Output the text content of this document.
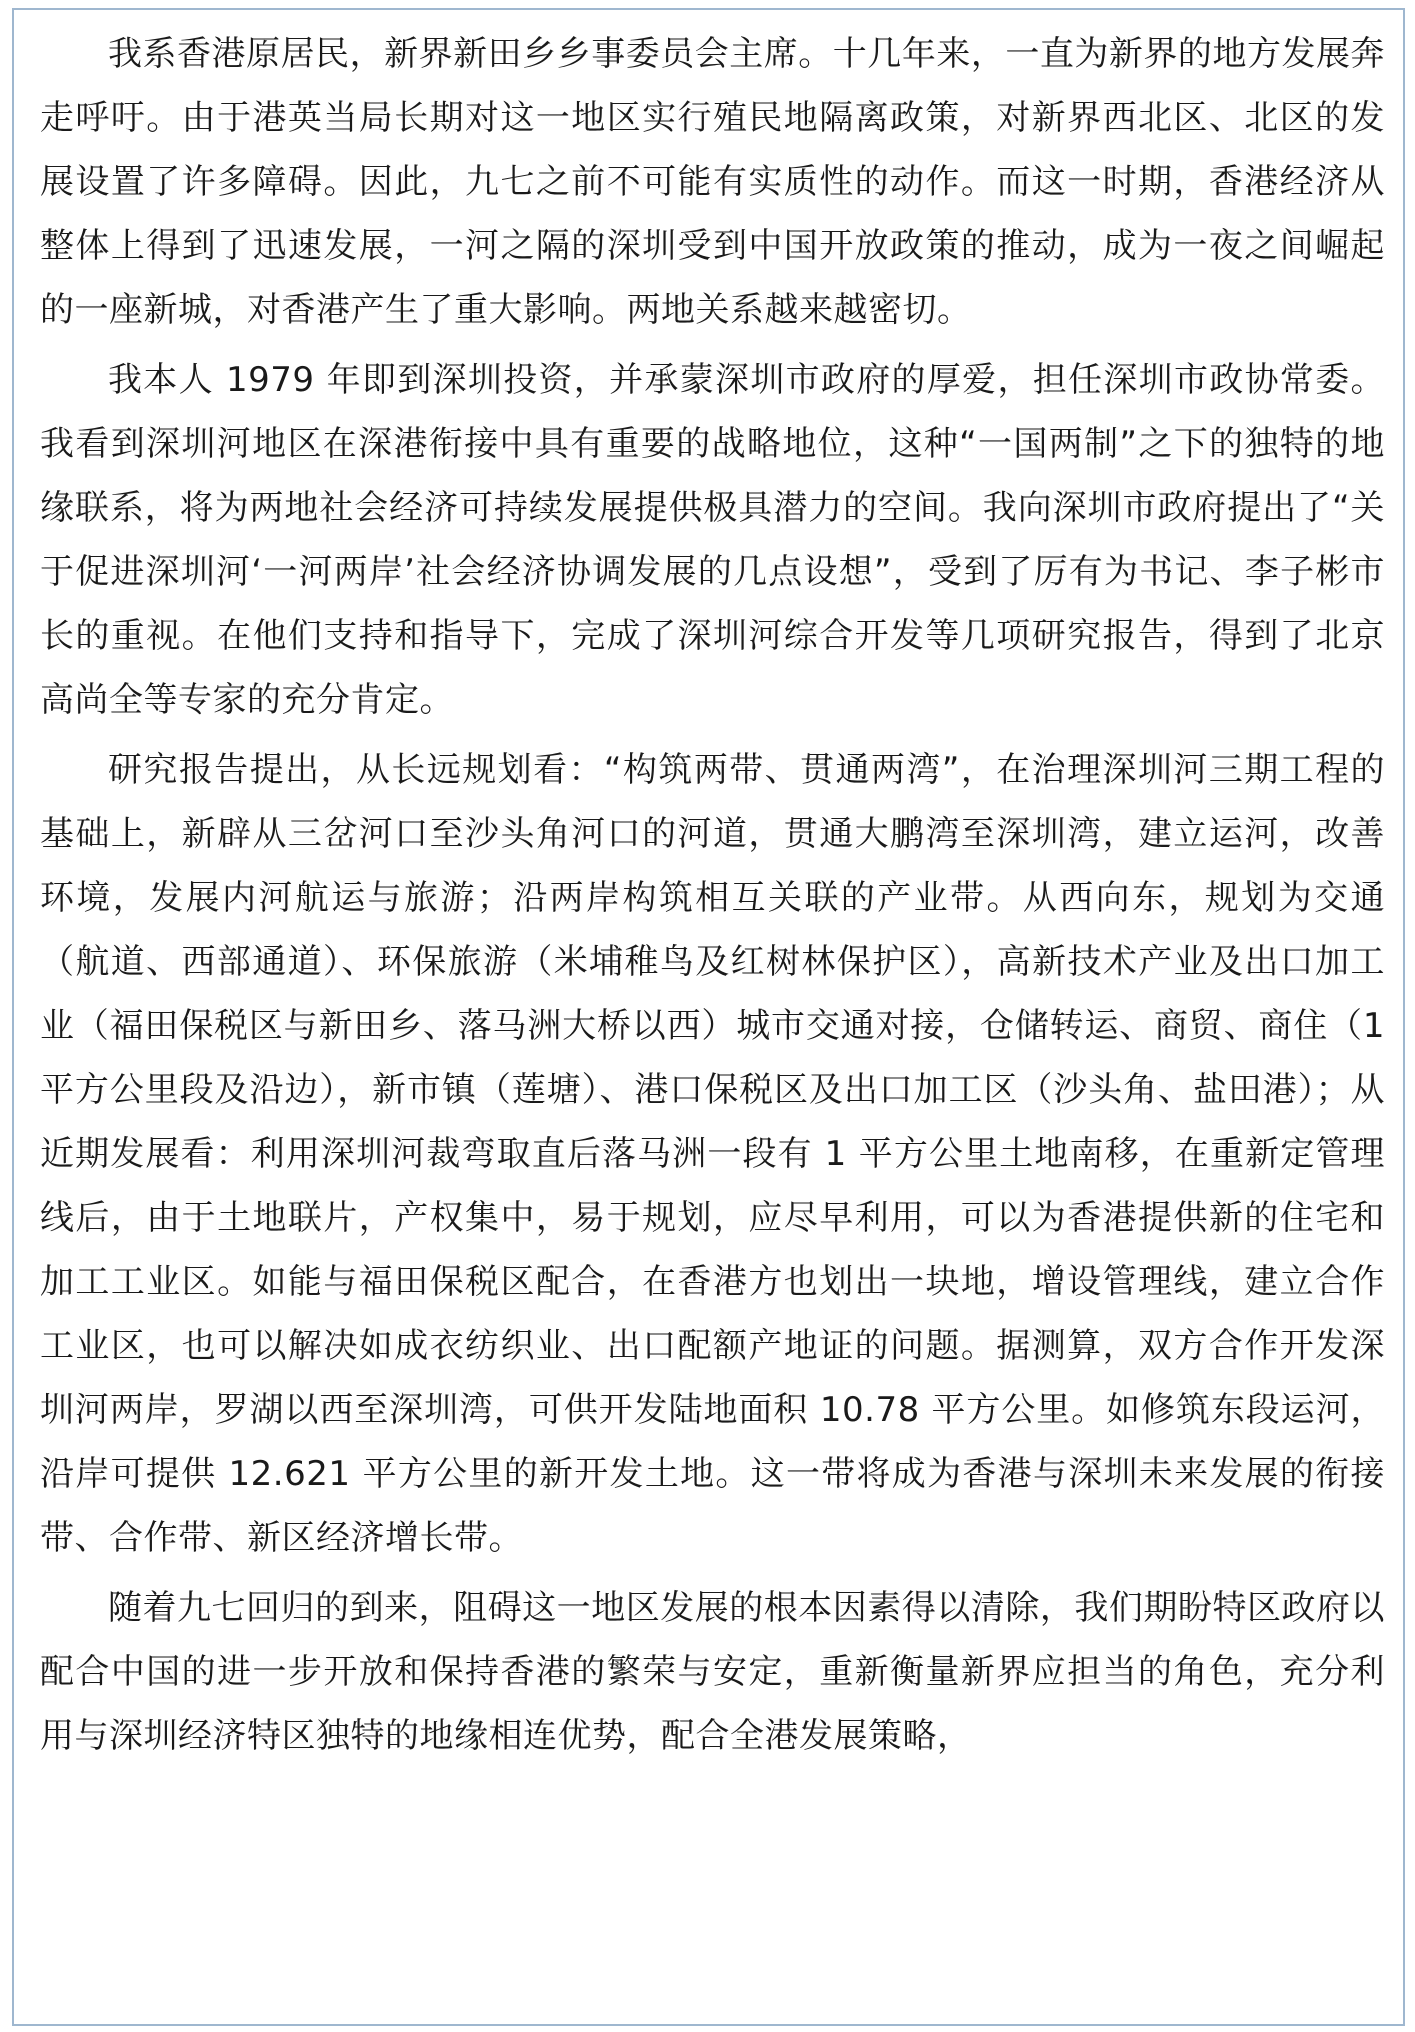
我系香港原居民，新界新田乡乡事委员会主席。十几年来，一直为新界的地方发展奔走呼吁。由于港英当局长期对这一地区实行殖民地隔离政策，对新界西北区、北区的发展设置了许多障碍。因此，九七之前不可能有实质性的动作。而这一时期，香港经济从整体上得到了迅速发展，一河之隔的深圳受到中国开放政策的推动，成为一夜之间崛起的一座新城，对香港产生了重大影响。两地关系越来越密切。

我本人 1979 年即到深圳投资，并承蒙深圳市政府的厚爱，担任深圳市政协常委。我看到深圳河地区在深港衔接中具有重要的战略地位，这种“一国两制”之下的独特的地缘联系，将为两地社会经济可持续发展提供极具潜力的空间。我向深圳市政府提出了“关于促进深圳河‘一河两岸’社会经济协调发展的几点设想”，受到了厉有为书记、李子彬市长的重视。在他们支持和指导下，完成了深圳河综合开发等几项研究报告，得到了北京高尚全等专家的充分肯定。

研究报告提出，从长远规划看：“构筑两带、贯通两湾”，在治理深圳河三期工程的基础上，新辟从三岔河口至沙头角河口的河道，贯通大鹏湾至深圳湾，建立运河，改善环境，发展内河航运与旅游；沿两岸构筑相互关联的产业带。从西向东，规划为交通（航道、西部通道）、环保旅游（米埔稚鸟及红树林保护区），高新技术产业及出口加工业（福田保税区与新田乡、落马洲大桥以西）城市交通对接，仓储转运、商贸、商住（1 平方公里段及沿边），新市镇（莲塘）、港口保税区及出口加工区（沙头角、盐田港）；从近期发展看：利用深圳河裁弯取直后落马洲一段有 1 平方公里土地南移，在重新定管理线后，由于土地联片，产权集中，易于规划，应尽早利用，可以为香港提供新的住宅和加工工业区。如能与福田保税区配合，在香港方也划出一块地，增设管理线，建立合作工业区，也可以解决如成衣纺织业、出口配额产地证的问题。据测算，双方合作开发深圳河两岸，罗湖以西至深圳湾，可供开发陆地面积 10.78 平方公里。如修筑东段运河，沿岸可提供 12.621 平方公里的新开发土地。这一带将成为香港与深圳未来发展的衔接带、合作带、新区经济增长带。

随着九七回归的到来，阻碍这一地区发展的根本因素得以清除，我们期盼特区政府以配合中国的进一步开放和保持香港的繁荣与安定，重新衡量新界应担当的角色，充分利用与深圳经济特区独特的地缘相连优势，配合全港发展策略，
